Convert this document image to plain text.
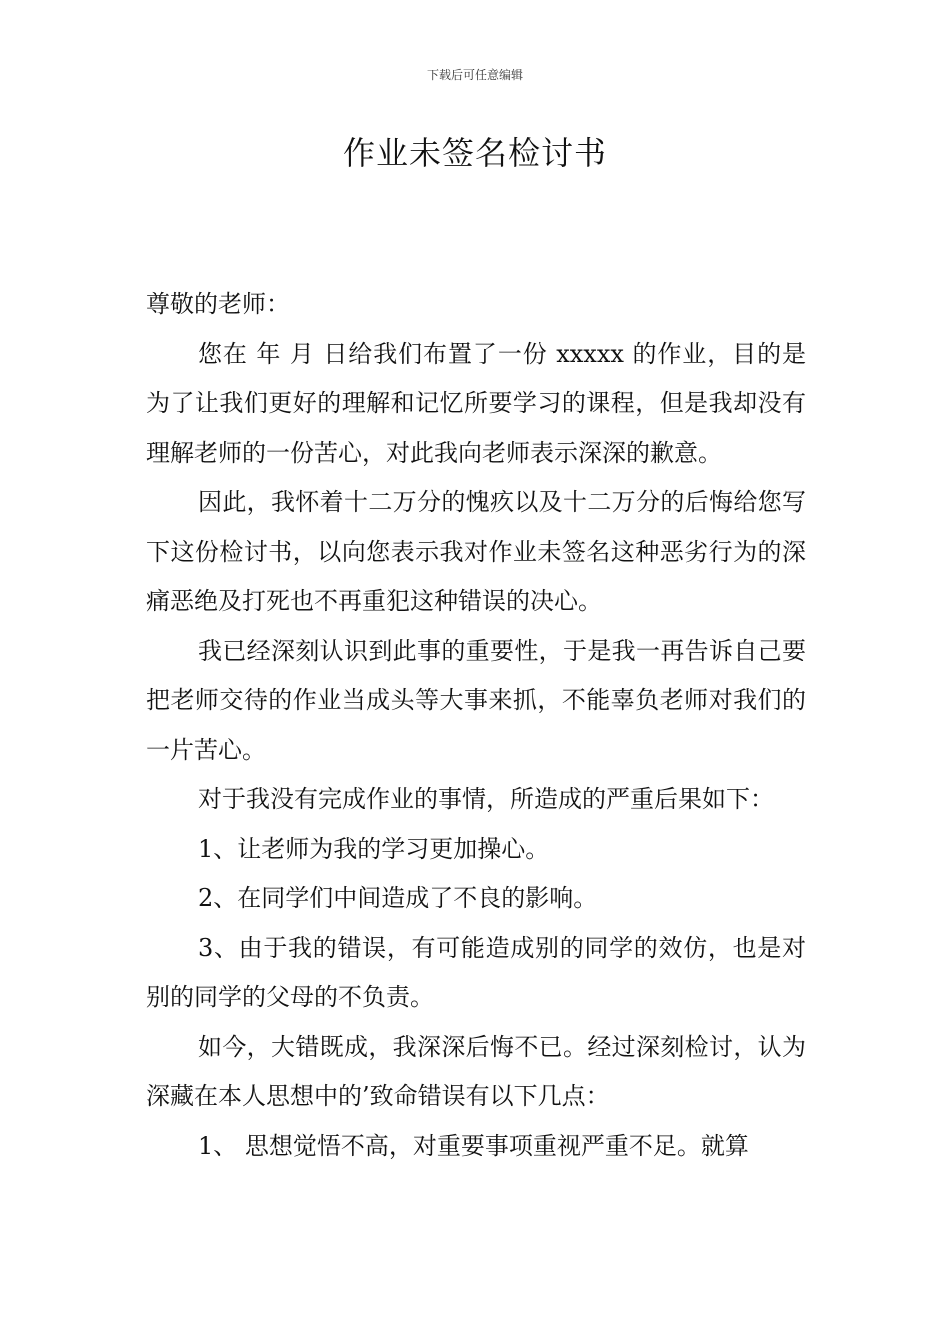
下载后可任意编辑
作业未签名检讨书

尊敬的老师：

您在 年 月 日给我们布置了一份 xxxxx 的作业，目的是为了让我们更好的理解和记忆所要学习的课程，但是我却没有理解老师的一份苦心，对此我向老师表示深深的歉意。

因此，我怀着十二万分的愧疚以及十二万分的后悔给您写下这份检讨书，以向您表示我对作业未签名这种恶劣行为的深痛恶绝及打死也不再重犯这种错误的决心。

我已经深刻认识到此事的重要性，于是我一再告诉自己要把老师交待的作业当成头等大事来抓，不能辜负老师对我们的一片苦心。

对于我没有完成作业的事情，所造成的严重后果如下：

1、让老师为我的学习更加操心。

2、在同学们中间造成了不良的影响。

3、由于我的错误，有可能造成别的同学的效仿，也是对别的同学的父母的不负责。

如今，大错既成，我深深后悔不已。经过深刻检讨，认为深藏在本人思想中的’致命错误有以下几点：

1、 思想觉悟不高，对重要事项重视严重不足。就算
